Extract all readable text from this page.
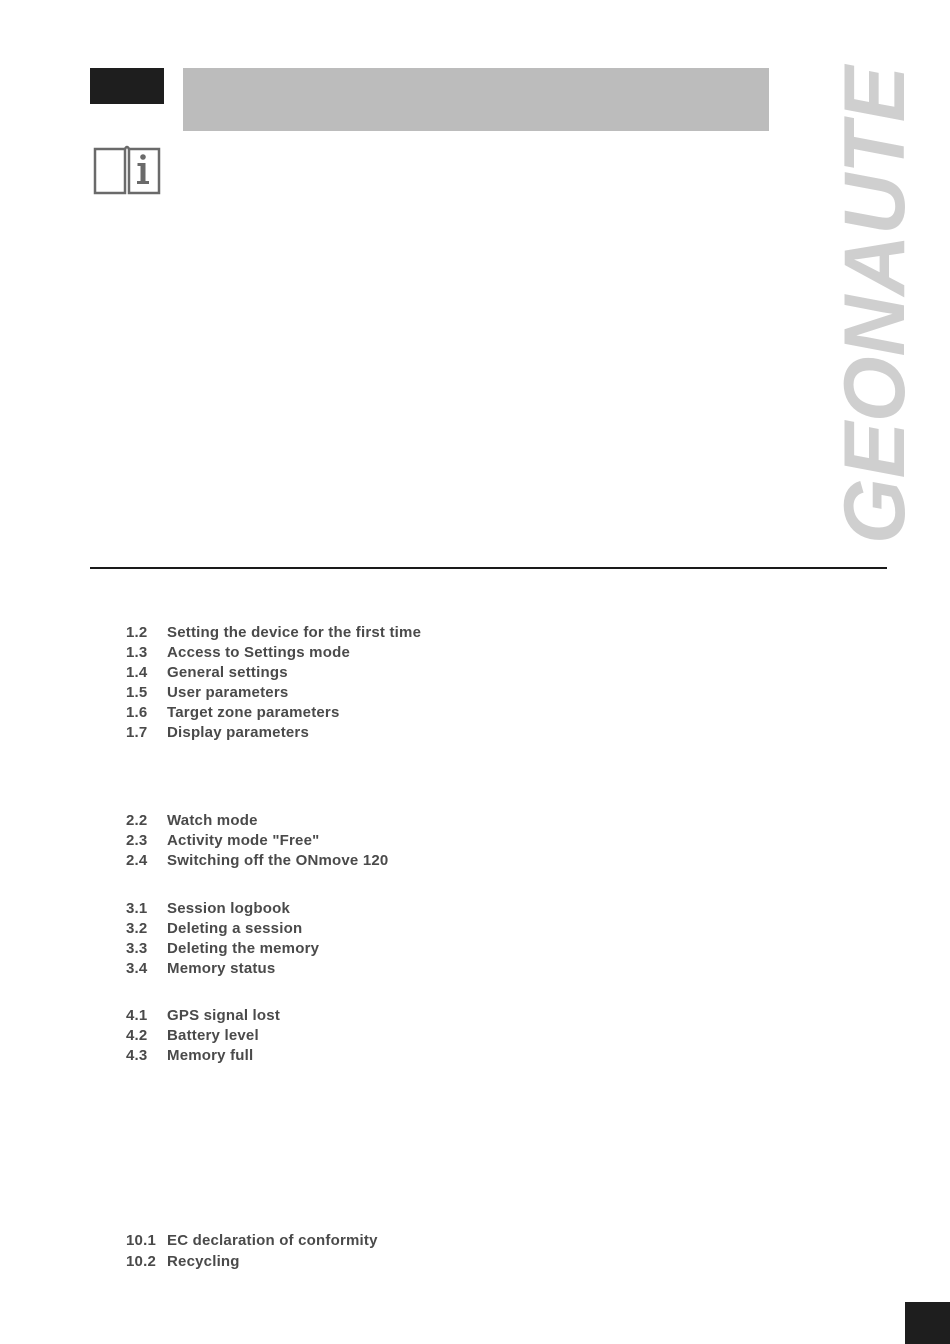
GEONAUTE
1.2 Setting the device for the first time
1.3 Access to Settings mode
1.4 General settings
1.5 User parameters
1.6 Target zone parameters
1.7 Display parameters
2.2 Watch mode
2.3 Activity mode "Free"
2.4 Switching off the ONmove 120
3.1 Session logbook
3.2 Deleting a session
3.3 Deleting the memory
3.4 Memory status
4.1 GPS signal lost
4.2 Battery level
4.3 Memory full
10.1 EC declaration of conformity
10.2 Recycling
